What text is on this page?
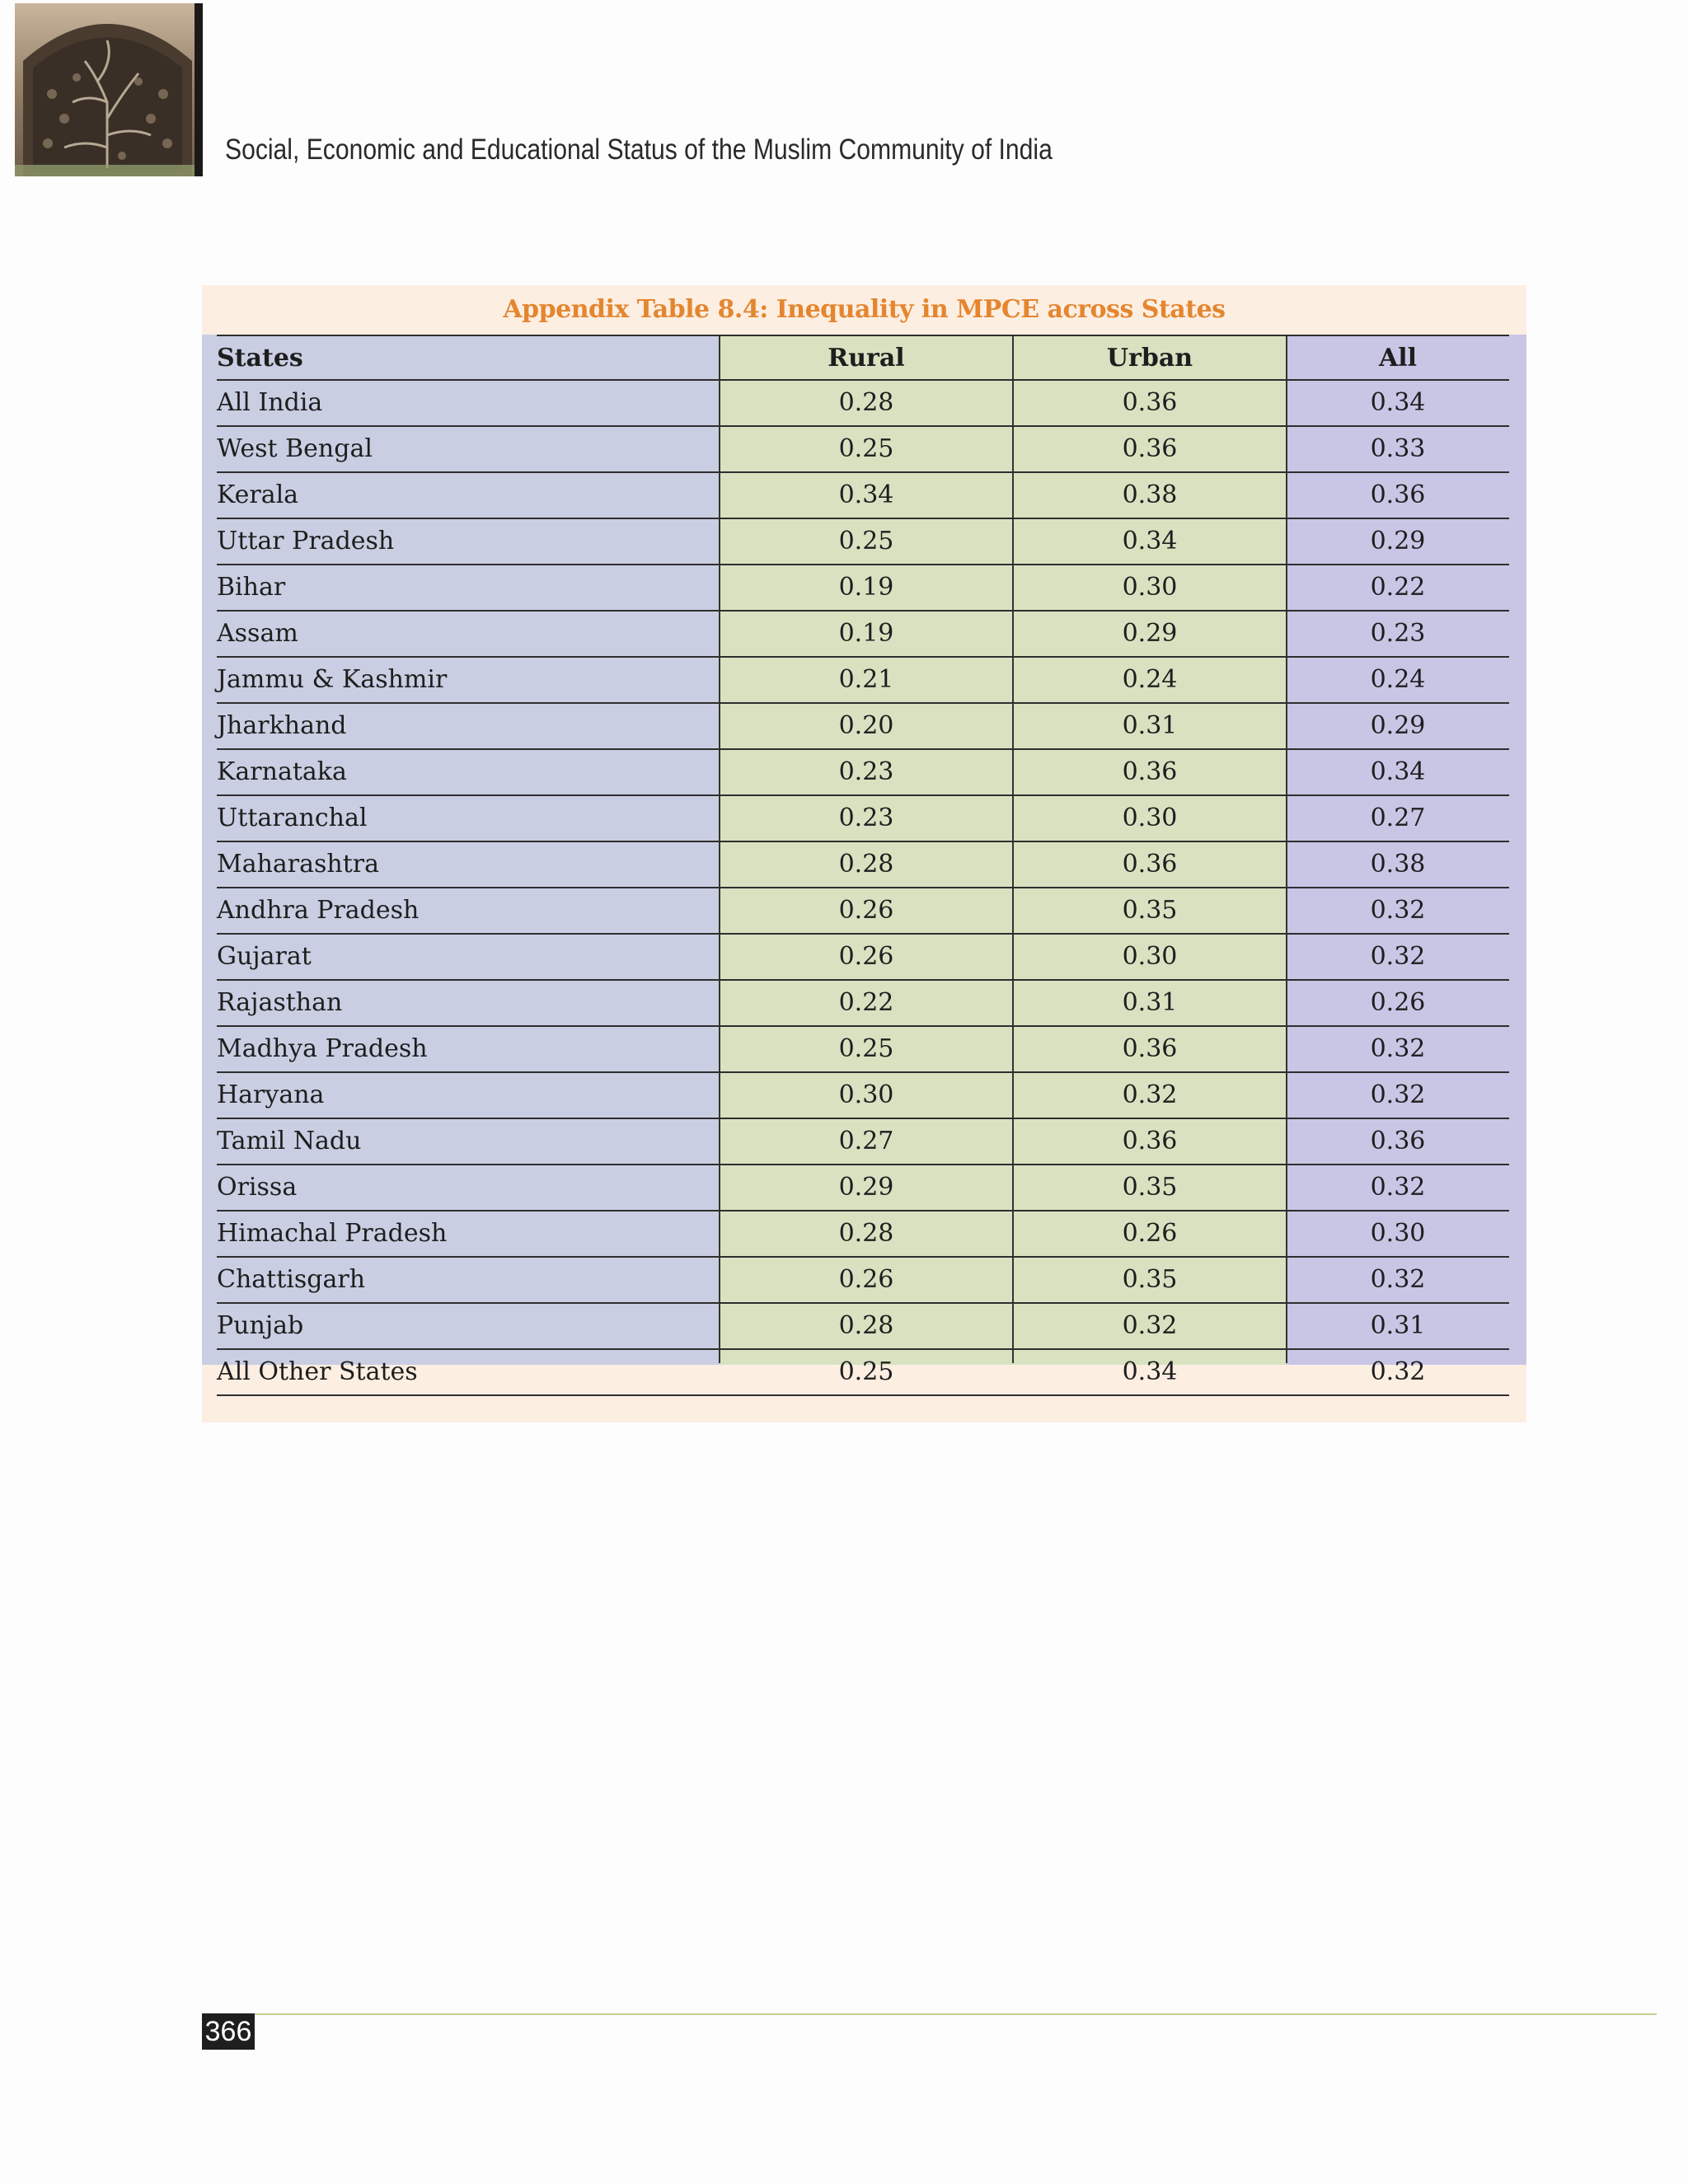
Social, Economic and Educational Status of the Muslim Community of India
Appendix Table 8.4: Inequality in MPCE across States
States	Rural	Urban	All
All India	0.28	0.36	0.34
West Bengal	0.25	0.36	0.33
Kerala	0.34	0.38	0.36
Uttar Pradesh	0.25	0.34	0.29
Bihar	0.19	0.30	0.22
Assam	0.19	0.29	0.23
Jammu & Kashmir	0.21	0.24	0.24
Jharkhand	0.20	0.31	0.29
Karnataka	0.23	0.36	0.34
Uttaranchal	0.23	0.30	0.27
Maharashtra	0.28	0.36	0.38
Andhra Pradesh	0.26	0.35	0.32
Gujarat	0.26	0.30	0.32
Rajasthan	0.22	0.31	0.26
Madhya Pradesh	0.25	0.36	0.32
Haryana	0.30	0.32	0.32
Tamil Nadu	0.27	0.36	0.36
Orissa	0.29	0.35	0.32
Himachal Pradesh	0.28	0.26	0.30
Chattisgarh	0.26	0.35	0.32
Punjab	0.28	0.32	0.31
All Other States	0.25	0.34	0.32
366
